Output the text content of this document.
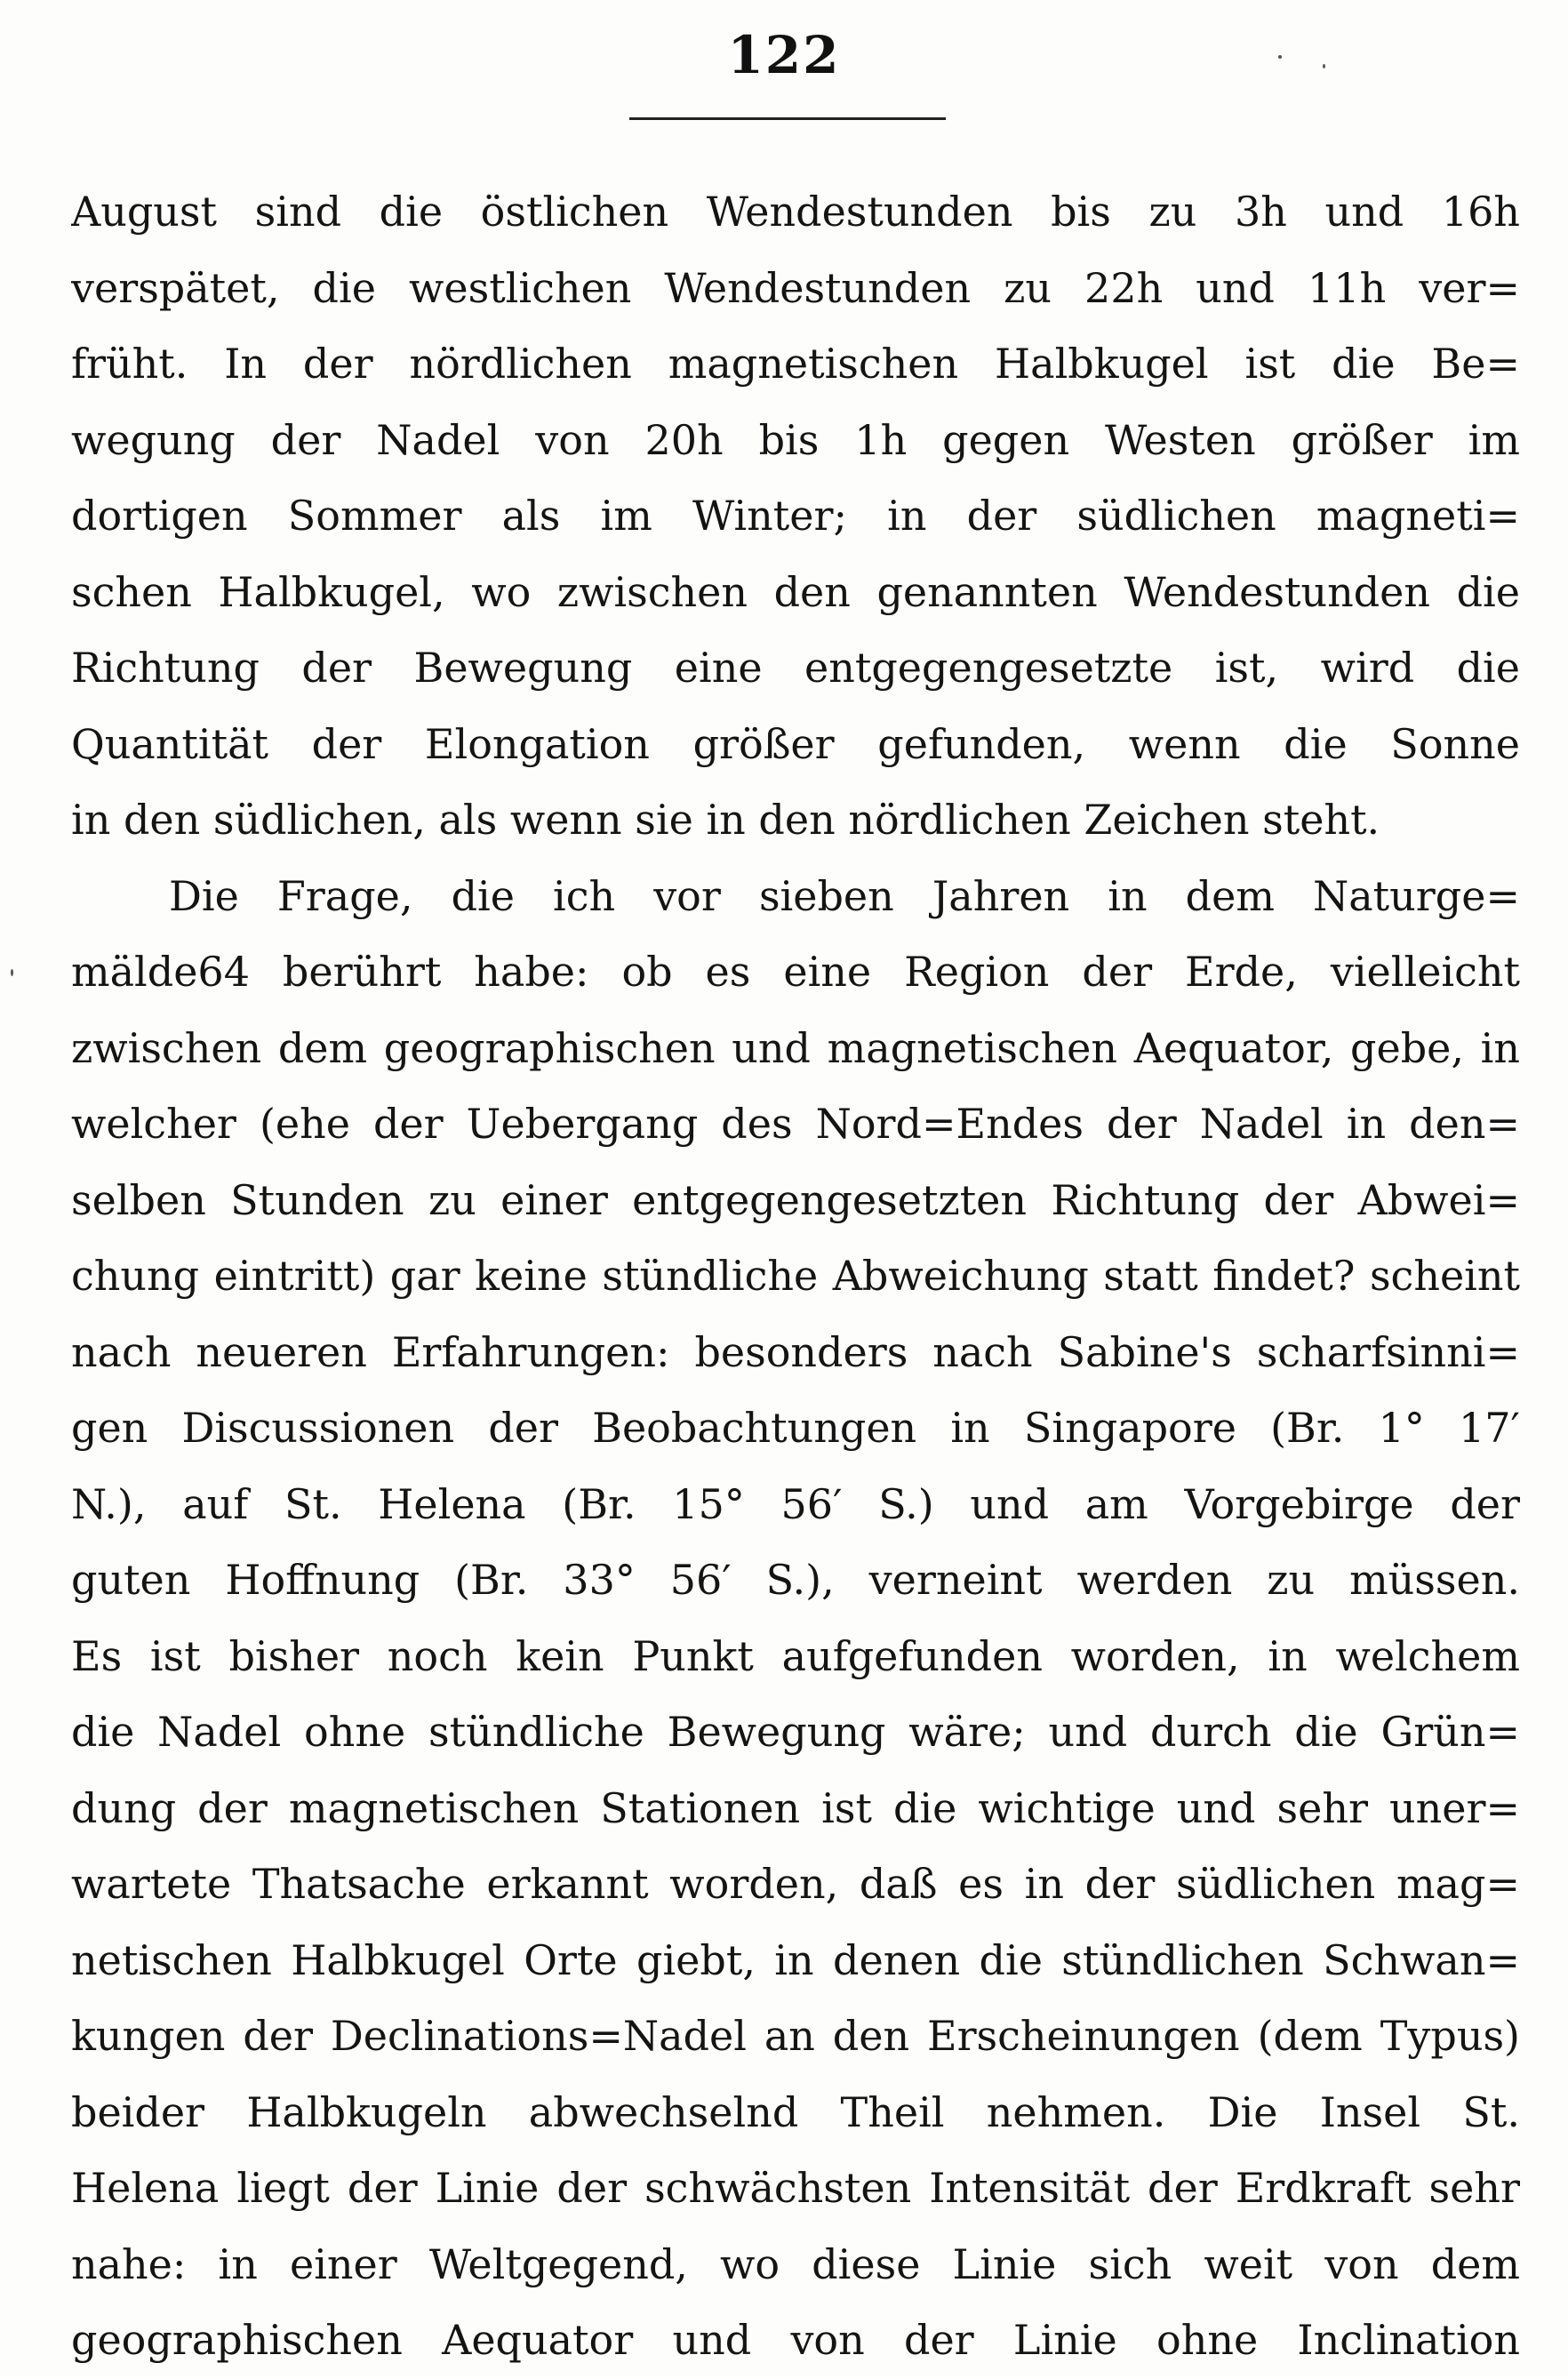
122
August sind die östlichen Wendestunden bis zu 3h und 16h
verspätet, die westlichen Wendestunden zu 22h und 11h ver=
früht. In der nördlichen magnetischen Halbkugel ist die Be=
wegung der Nadel von 20h bis 1h gegen Westen größer im
dortigen Sommer als im Winter; in der südlichen magneti=
schen Halbkugel, wo zwischen den genannten Wendestunden die
Richtung der Bewegung eine entgegengesetzte ist, wird die
Quantität der Elongation größer gefunden, wenn die Sonne
in den südlichen, als wenn sie in den nördlichen Zeichen steht.
Die Frage, die ich vor sieben Jahren in dem Naturge=
mälde64 berührt habe: ob es eine Region der Erde, vielleicht
zwischen dem geographischen und magnetischen Aequator, gebe, in
welcher (ehe der Uebergang des Nord=Endes der Nadel in den=
selben Stunden zu einer entgegengesetzten Richtung der Abwei=
chung eintritt) gar keine stündliche Abweichung statt findet? scheint
nach neueren Erfahrungen: besonders nach Sabine's scharfsinni=
gen Discussionen der Beobachtungen in Singapore (Br. 1° 17′
N.), auf St. Helena (Br. 15° 56′ S.) und am Vorgebirge der
guten Hoffnung (Br. 33° 56′ S.), verneint werden zu müssen.
Es ist bisher noch kein Punkt aufgefunden worden, in welchem
die Nadel ohne stündliche Bewegung wäre; und durch die Grün=
dung der magnetischen Stationen ist die wichtige und sehr uner=
wartete Thatsache erkannt worden, daß es in der südlichen mag=
netischen Halbkugel Orte giebt, in denen die stündlichen Schwan=
kungen der Declinations=Nadel an den Erscheinungen (dem Typus)
beider Halbkugeln abwechselnd Theil nehmen. Die Insel St.
Helena liegt der Linie der schwächsten Intensität der Erdkraft sehr
nahe: in einer Weltgegend, wo diese Linie sich weit von dem
geographischen Aequator und von der Linie ohne Inclination
